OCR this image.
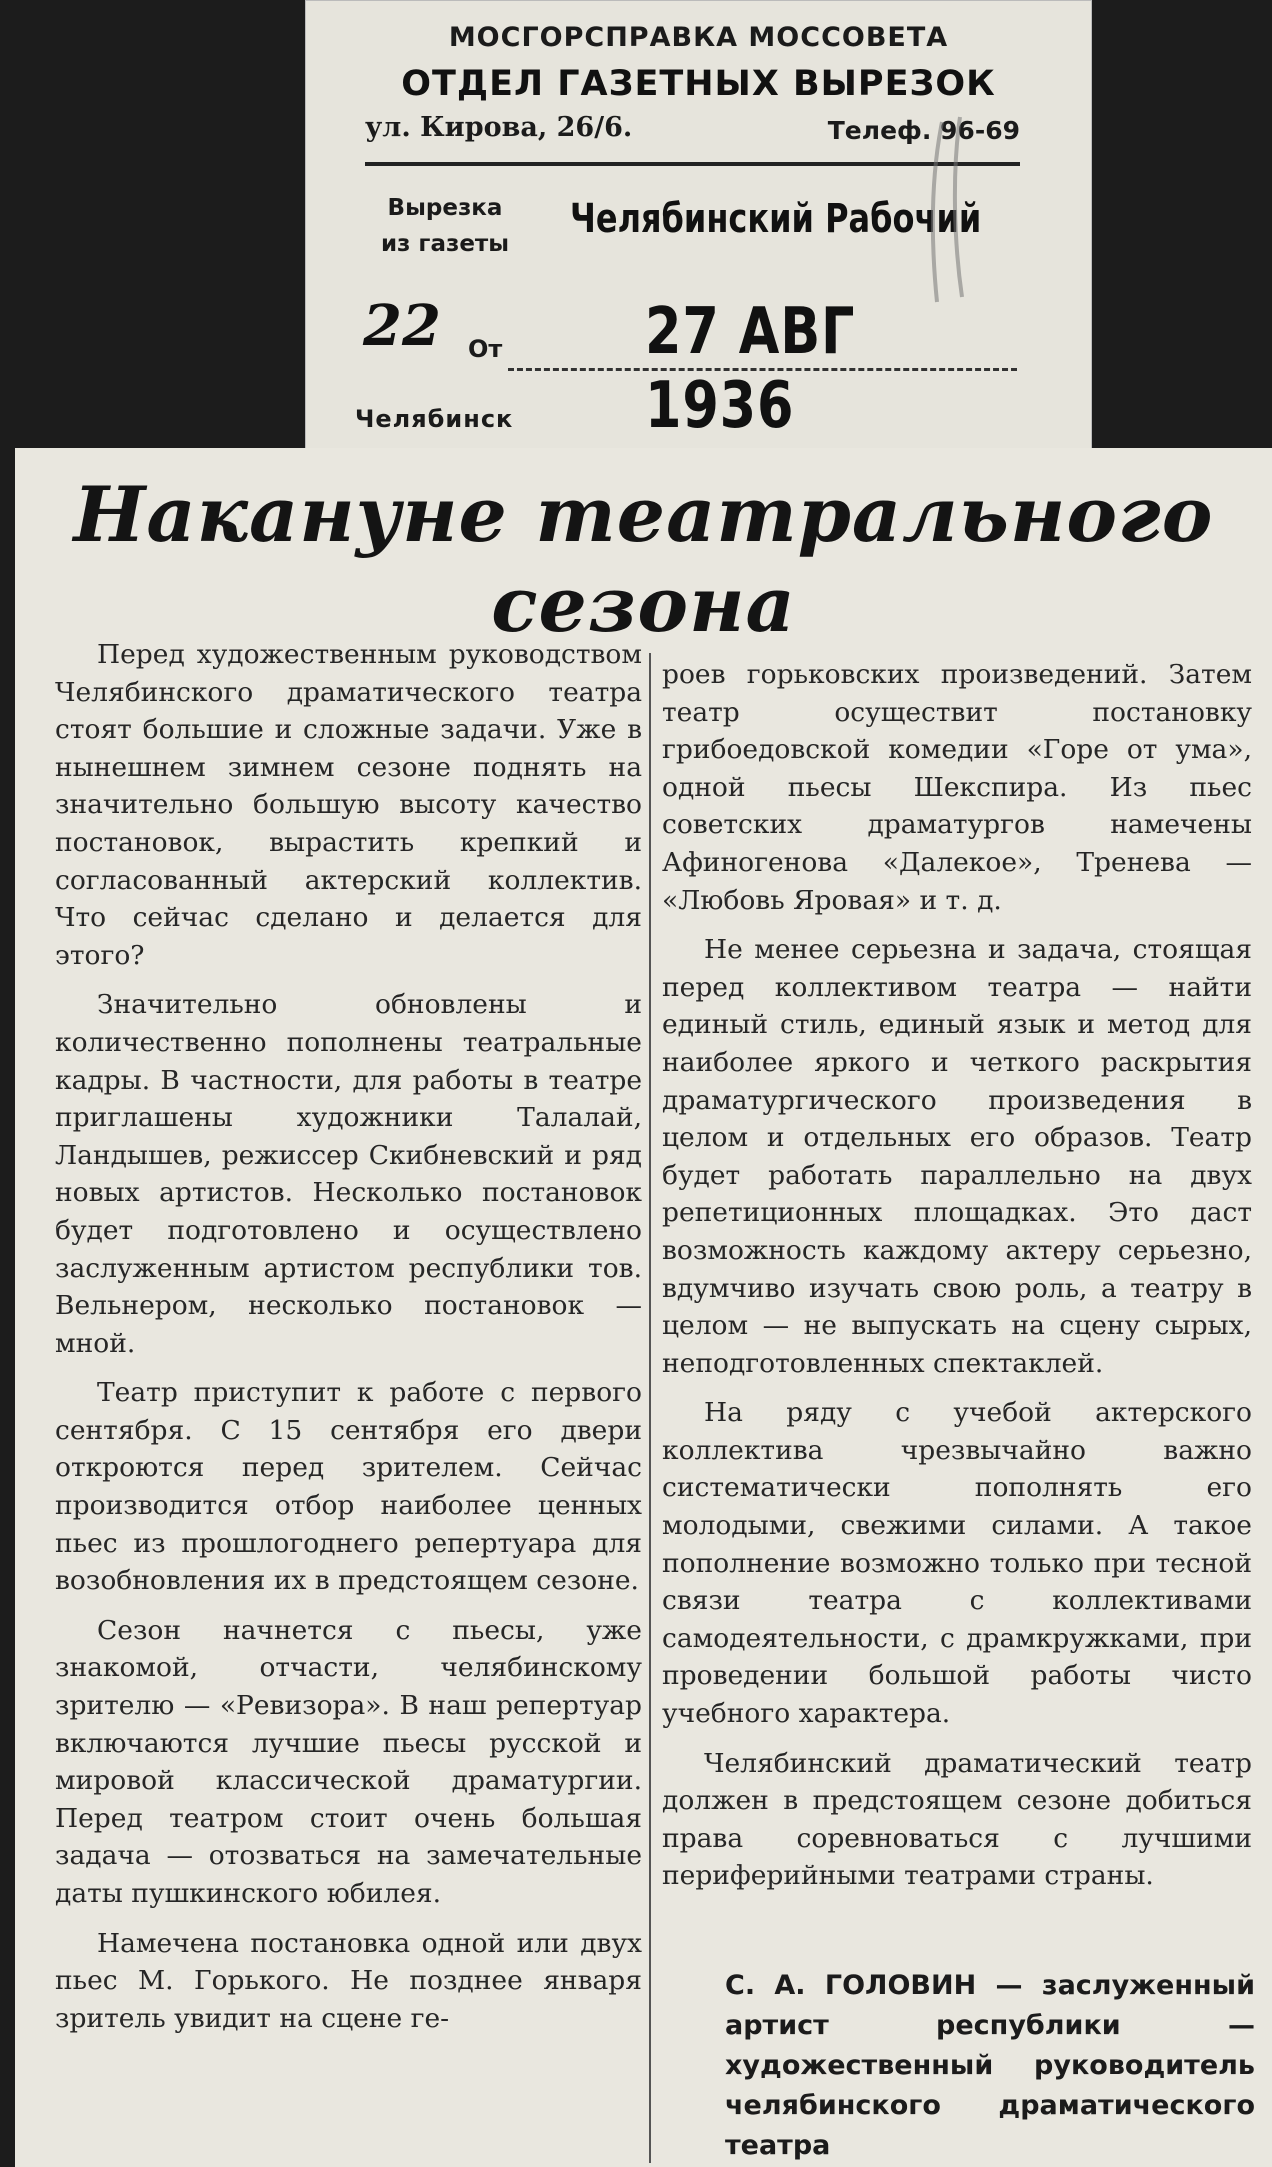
МОСГОРСПРАВКА МОССОВЕТА
ОТДЕЛ ГАЗЕТНЫХ ВЫРЕЗОК
ул. Кирова, 26/6.	Телеф. 96-69
Вырезка
из газеты
Челябинский Рабочий
22 От 27 АВГ 1936
Челябинск
Накануне театрального
сезона

Перед художественным руководством Челябинского драматического театра стоят большие и сложные задачи. Уже в нынешнем зимнем сезоне поднять на значительно большую высоту качество постановок, вырастить крепкий и согласованный актерский коллектив. Что сейчас сделано и делается для этого?

Значительно обновлены и количественно пополнены театральные кадры. В частности, для работы в театре приглашены художники Талалай, Ландышев, режиссер Скибневский и ряд новых артистов. Несколько постановок будет подготовлено и осуществлено заслуженным артистом республики тов. Вельнером, несколько постановок — мной.

Театр приступит к работе с первого сентября. С 15 сентября его двери откроются перед зрителем. Сейчас производится отбор наиболее ценных пьес из прошлогоднего репертуара для возобновления их в предстоящем сезоне.

Сезон начнется с пьесы, уже знакомой, отчасти, челябинскому зрителю — «Ревизора». В наш репертуар включаются лучшие пьесы русской и мировой классической драматургии. Перед театром стоит очень большая задача — отозваться на замечательные даты пушкинского юбилея.

Намечена постановка одной или двух пьес М. Горького. Не позднее января зритель увидит на сцене ге-

роев горьковских произведений. Затем театр осуществит постановку грибоедовской комедии «Горе от ума», одной пьесы Шекспира. Из пьес советских драматургов намечены Афиногенова «Далекое», Тренева — «Любовь Яровая» и т. д.

Не менее серьезна и задача, стоящая перед коллективом театра — найти единый стиль, единый язык и метод для наиболее яркого и четкого раскрытия драматургического произведения в целом и отдельных его образов. Театр будет работать параллельно на двух репетиционных площадках. Это даст возможность каждому актеру серьезно, вдумчиво изучать свою роль, а театру в целом — не выпускать на сцену сырых, неподготовленных спектаклей.

На ряду с учебой актерского коллектива чрезвычайно важно систематически пополнять его молодыми, свежими силами. А такое пополнение возможно только при тесной связи театра с коллективами самодеятельности, с драмкружками, при проведении большой работы чисто учебного характера.

Челябинский драматический театр должен в предстоящем сезоне добиться права соревноваться с лучшими периферийными театрами страны.

С. А. ГОЛОВИН — заслуженный артист республики — художественный руководитель челябинского драматического театра
